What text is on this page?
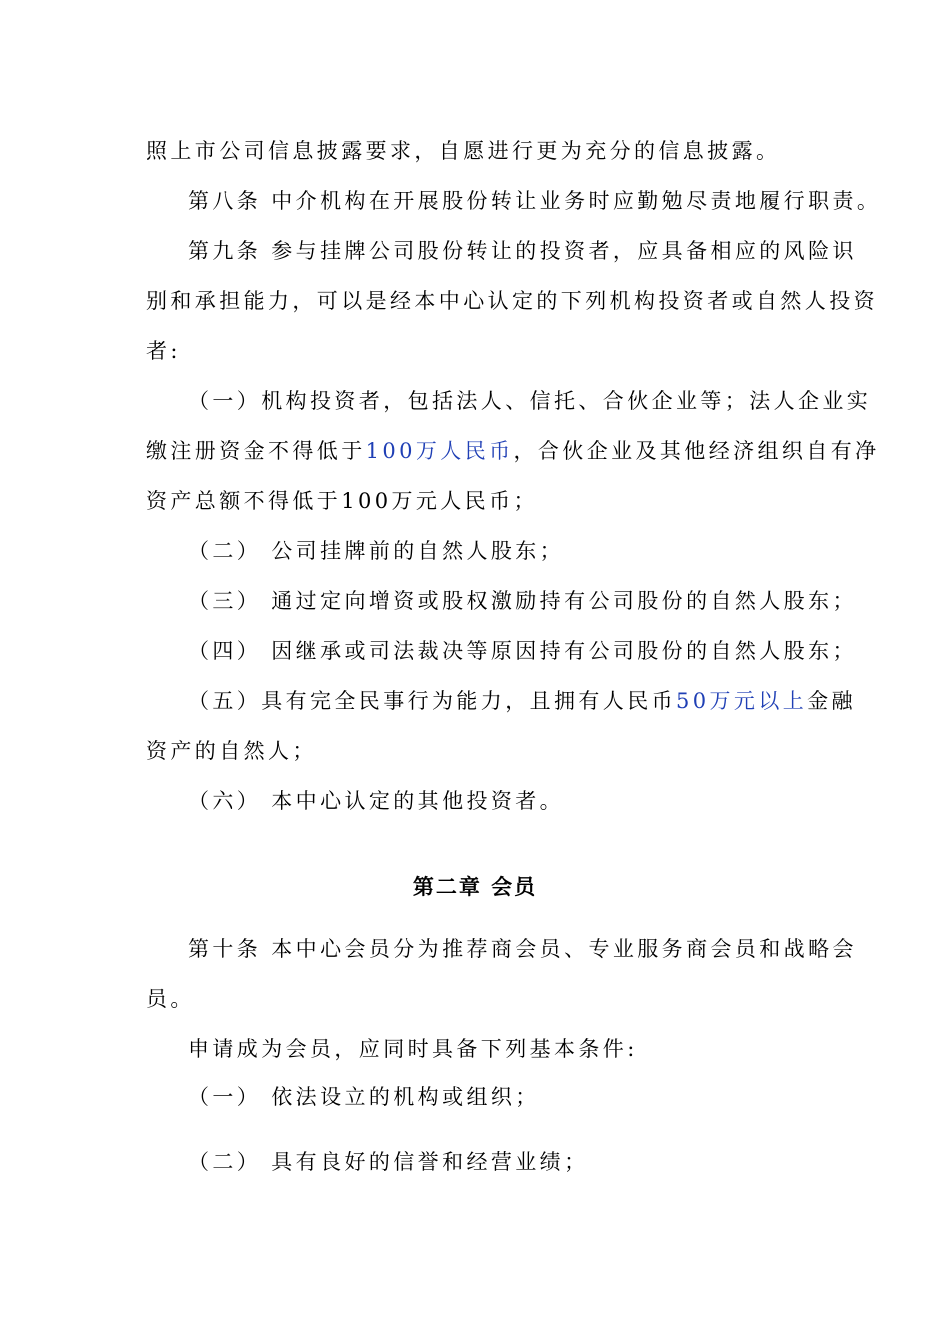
照上市公司信息披露要求，自愿进行更为充分的信息披露。
第八条 中介机构在开展股份转让业务时应勤勉尽责地履行职责。
第九条 参与挂牌公司股份转让的投资者，应具备相应的风险识
别和承担能力，可以是经本中心认定的下列机构投资者或自然人投资
者:
（一）机构投资者，包括法人、信托、合伙企业等；法人企业实
缴注册资金不得低于100万人民币，合伙企业及其他经济组织自有净
资产总额不得低于100万元人民币；
（二） 公司挂牌前的自然人股东；
（三） 通过定向增资或股权激励持有公司股份的自然人股东；
（四） 因继承或司法裁决等原因持有公司股份的自然人股东；
（五）具有完全民事行为能力，且拥有人民币50万元以上金融
资产的自然人；
（六） 本中心认定的其他投资者。
第二章 会员
第十条 本中心会员分为推荐商会员、专业服务商会员和战略会
员。
申请成为会员，应同时具备下列基本条件:
（一） 依法设立的机构或组织；
（二） 具有良好的信誉和经营业绩；
